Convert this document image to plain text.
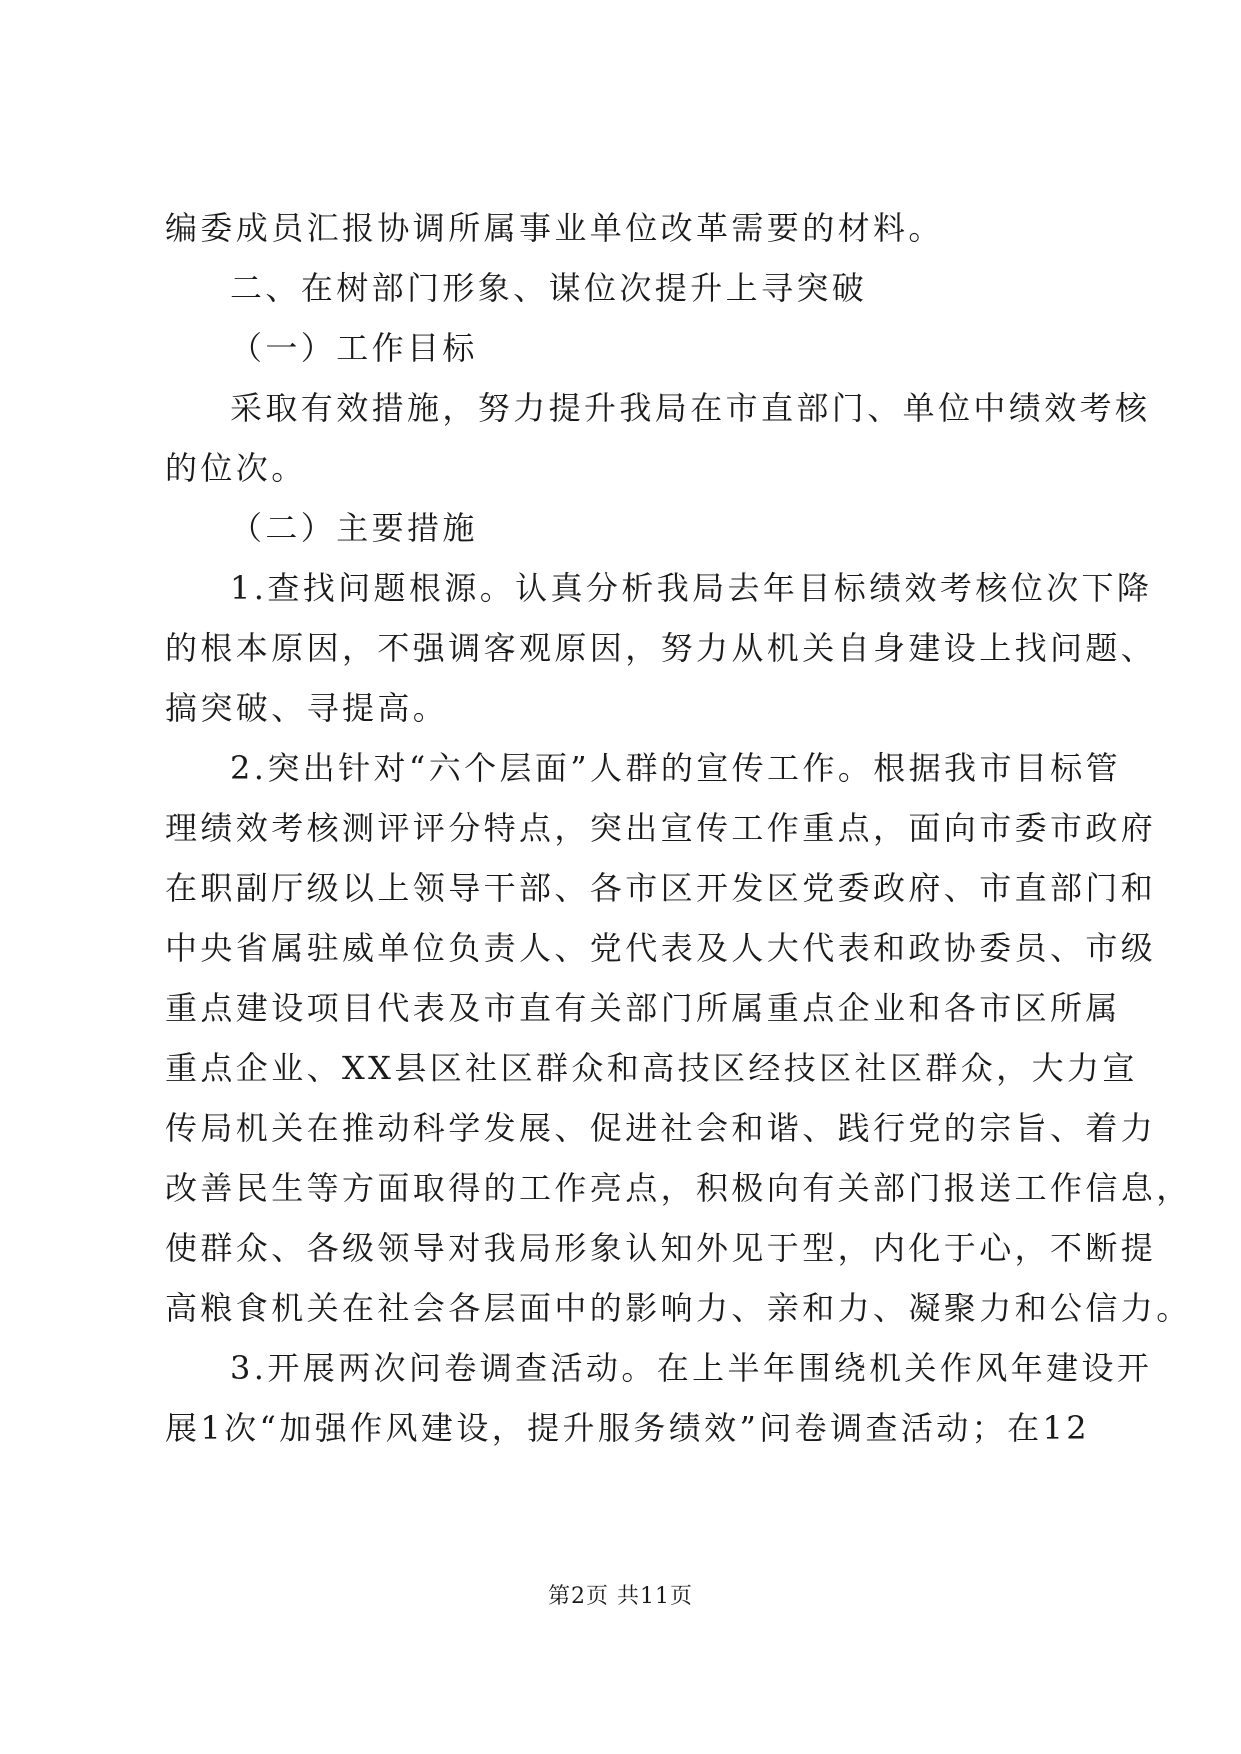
编委成员汇报协调所属事业单位改革需要的材料。
二、在树部门形象、谋位次提升上寻突破
（一）工作目标
采取有效措施，努力提升我局在市直部门、单位中绩效考核
的位次。
（二）主要措施
1.查找问题根源。认真分析我局去年目标绩效考核位次下降
的根本原因，不强调客观原因，努力从机关自身建设上找问题、
搞突破、寻提高。
2.突出针对“六个层面”人群的宣传工作。根据我市目标管
理绩效考核测评评分特点，突出宣传工作重点，面向市委市政府
在职副厅级以上领导干部、各市区开发区党委政府、市直部门和
中央省属驻威单位负责人、党代表及人大代表和政协委员、市级
重点建设项目代表及市直有关部门所属重点企业和各市区所属
重点企业、XX县区社区群众和高技区经技区社区群众，大力宣
传局机关在推动科学发展、促进社会和谐、践行党的宗旨、着力
改善民生等方面取得的工作亮点，积极向有关部门报送工作信息，
使群众、各级领导对我局形象认知外见于型，内化于心，不断提
高粮食机关在社会各层面中的影响力、亲和力、凝聚力和公信力。
3.开展两次问卷调查活动。在上半年围绕机关作风年建设开
展1次“加强作风建设，提升服务绩效”问卷调查活动；在12
第2页 共11页
